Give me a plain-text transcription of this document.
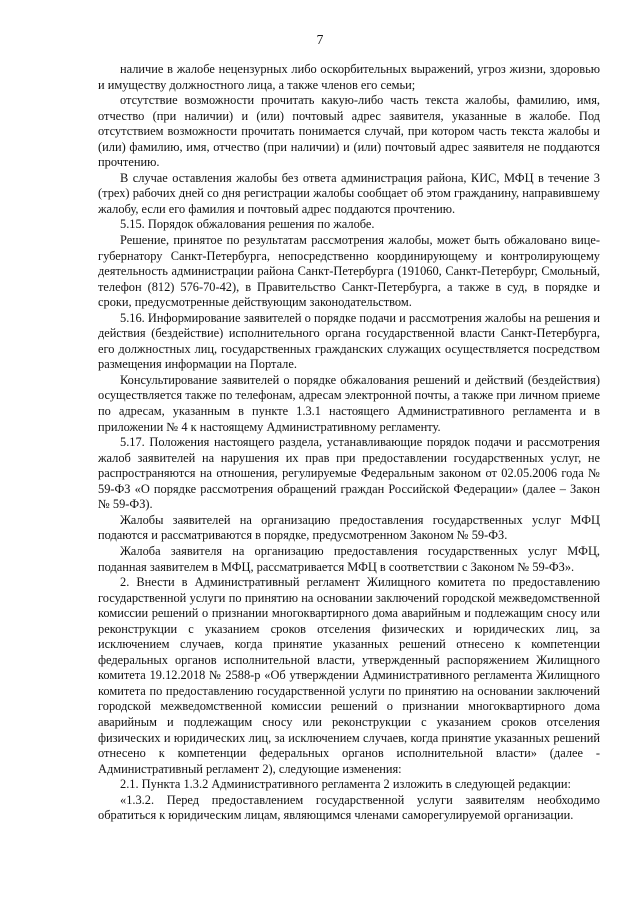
7

наличие в жалобе нецензурных либо оскорбительных выражений, угроз жизни, здоровью и имуществу должностного лица, а также членов его семьи;

отсутствие возможности прочитать какую-либо часть текста жалобы, фамилию, имя, отчество (при наличии) и (или) почтовый адрес заявителя, указанные в жалобе. Под отсутствием возможности прочитать понимается случай, при котором часть текста жалобы и (или) фамилию, имя, отчество (при наличии) и (или) почтовый адрес заявителя не поддаются прочтению.

В случае оставления жалобы без ответа администрация района, КИС, МФЦ в течение 3 (трех) рабочих дней со дня регистрации жалобы сообщает об этом гражданину, направившему жалобу, если его фамилия и почтовый адрес поддаются прочтению.

5.15. Порядок обжалования решения по жалобе.

Решение, принятое по результатам рассмотрения жалобы, может быть обжаловано вице-губернатору Санкт-Петербурга, непосредственно координирующему и контролирующему деятельность администрации района Санкт-Петербурга (191060, Санкт-Петербург, Смольный, телефон (812) 576-70-42), в Правительство Санкт-Петербурга, а также в суд, в порядке и сроки, предусмотренные действующим законодательством.

5.16. Информирование заявителей о порядке подачи и рассмотрения жалобы на решения и действия (бездействие) исполнительного органа государственной власти Санкт-Петербурга, его должностных лиц, государственных гражданских служащих осуществляется посредством размещения информации на Портале.

Консультирование заявителей о порядке обжалования решений и действий (бездействия) осуществляется также по телефонам, адресам электронной почты, а также при личном приеме по адресам, указанным в пункте 1.3.1 настоящего Административного регламента и в приложении № 4 к настоящему Административному регламенту.

5.17. Положения настоящего раздела, устанавливающие порядок подачи и рассмотрения жалоб заявителей на нарушения их прав при предоставлении государственных услуг, не распространяются на отношения, регулируемые Федеральным законом от 02.05.2006 года № 59-ФЗ «О порядке рассмотрения обращений граждан Российской Федерации» (далее – Закон № 59-ФЗ).

Жалобы заявителей на организацию предоставления государственных услуг МФЦ подаются и рассматриваются в порядке, предусмотренном Законом № 59-ФЗ.

Жалоба заявителя на организацию предоставления государственных услуг МФЦ, поданная заявителем в МФЦ, рассматривается МФЦ в соответствии с Законом № 59-ФЗ».

2. Внести в Административный регламент Жилищного комитета по предоставлению государственной услуги по принятию на основании заключений городской межведомственной комиссии решений о признании многоквартирного дома аварийным и подлежащим сносу или реконструкции с указанием сроков отселения физических и юридических лиц, за исключением случаев, когда принятие указанных решений отнесено к компетенции федеральных органов исполнительной власти, утвержденный распоряжением Жилищного комитета 19.12.2018 № 2588-р «Об утверждении Административного регламента Жилищного комитета по предоставлению государственной услуги по принятию на основании заключений городской межведомственной комиссии решений о признании многоквартирного дома аварийным и подлежащим сносу или реконструкции с указанием сроков отселения физических и юридических лиц, за исключением случаев, когда принятие указанных решений отнесено к компетенции федеральных органов исполнительной власти» (далее - Административный регламент 2), следующие изменения:

2.1. Пункта 1.3.2 Административного регламента 2 изложить в следующей редакции:

«1.3.2. Перед предоставлением государственной услуги заявителям необходимо обратиться к юридическим лицам, являющимся членами саморегулируемой организации.
